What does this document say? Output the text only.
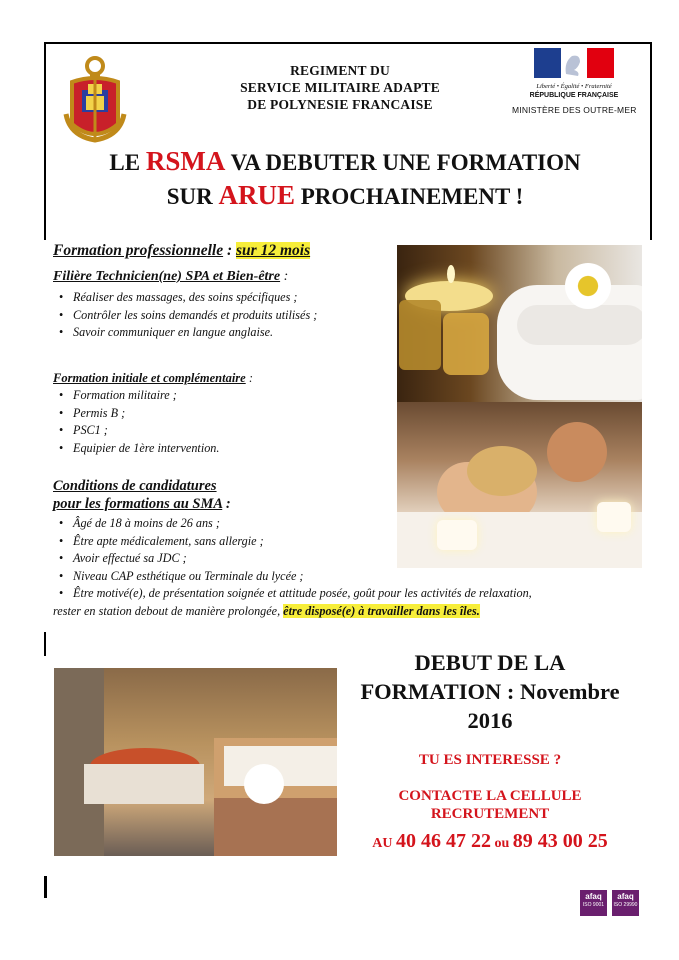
REGIMENT DU
SERVICE MILITAIRE ADAPTE
DE POLYNESIE FRANCAISE
Liberté • Égalité • Fraternité
RÉPUBLIQUE FRANÇAISE
MINISTÈRE DES OUTRE-MER
LE RSMA VA DEBUTER UNE FORMATION
SUR ARUE PROCHAINEMENT !
Formation professionnelle : sur 12 mois
Filière Technicien(ne) SPA et Bien-être :
• Réaliser des massages, des soins spécifiques ;
• Contrôler les soins demandés et produits utilisés ;
• Savoir communiquer en langue anglaise.
Formation initiale et complémentaire :
• Formation militaire ;
• Permis B ;
• PSC1 ;
• Equipier de 1ère intervention.
Conditions de candidatures
pour les formations au SMA :
• Âgé de 18 à moins de 26 ans ;
• Être apte médicalement, sans allergie ;
• Avoir effectué sa JDC ;
• Niveau CAP esthétique ou Terminale du lycée ;
• Être motivé(e), de présentation soignée et attitude posée, goût pour les activités de relaxation,
rester en station debout de manière prolongée, être disposé(e) à travailler dans les îles.
DEBUT DE LA
FORMATION : Novembre
2016
TU ES INTERESSE ?
CONTACTE LA CELLULE
RECRUTEMENT
AU 40 46 47 22 ou 89 43 00 25
afaq
ISO 9001
afaq
ISO 29990
